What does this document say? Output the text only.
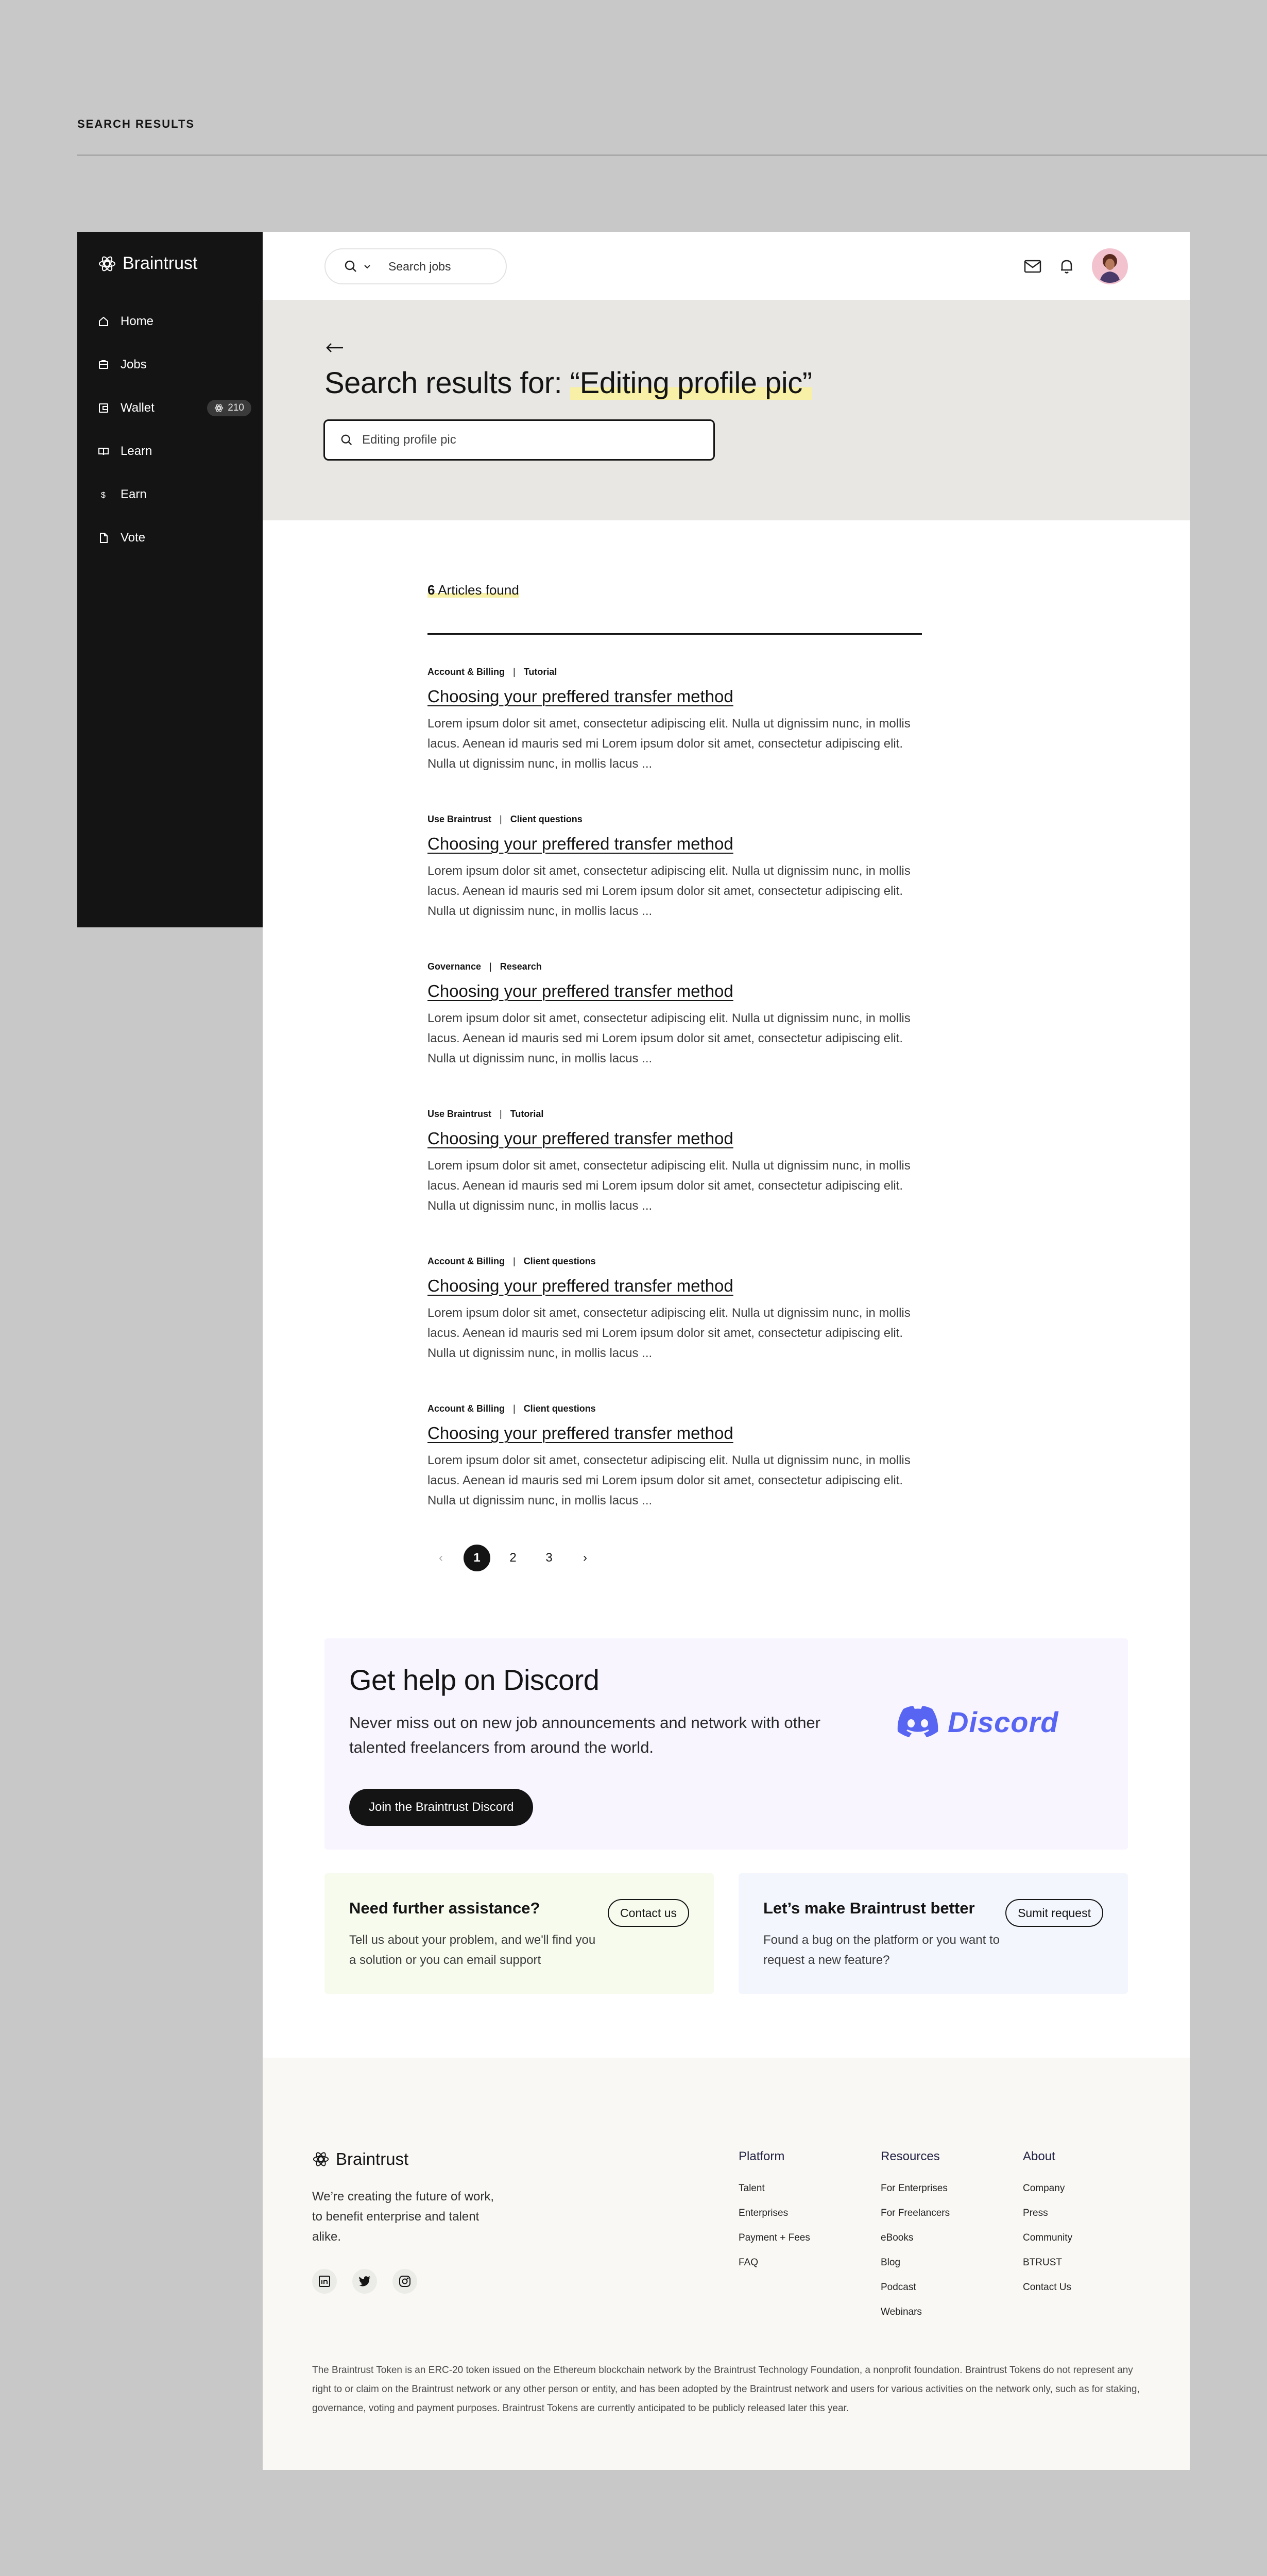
SEARCH RESULTS
Braintrust
Home
Jobs
Wallet	210
Learn
$ Earn
Vote
Search jobs
Search results for: “Editing profile pic”
Editing profile pic
6 Articles found
Account & Billing | Tutorial
Choosing your preffered transfer method

Lorem ipsum dolor sit amet, consectetur adipiscing elit. Nulla ut dignissim nunc, in mollis lacus. Aenean id mauris sed mi Lorem ipsum dolor sit amet, consectetur adipiscing elit. Nulla ut dignissim nunc, in mollis lacus ...

Use Braintrust | Client questions
Choosing your preffered transfer method

Lorem ipsum dolor sit amet, consectetur adipiscing elit. Nulla ut dignissim nunc, in mollis lacus. Aenean id mauris sed mi Lorem ipsum dolor sit amet, consectetur adipiscing elit. Nulla ut dignissim nunc, in mollis lacus ...

Governance | Research
Choosing your preffered transfer method

Lorem ipsum dolor sit amet, consectetur adipiscing elit. Nulla ut dignissim nunc, in mollis lacus. Aenean id mauris sed mi Lorem ipsum dolor sit amet, consectetur adipiscing elit. Nulla ut dignissim nunc, in mollis lacus ...

Use Braintrust | Tutorial
Choosing your preffered transfer method

Lorem ipsum dolor sit amet, consectetur adipiscing elit. Nulla ut dignissim nunc, in mollis lacus. Aenean id mauris sed mi Lorem ipsum dolor sit amet, consectetur adipiscing elit. Nulla ut dignissim nunc, in mollis lacus ...

Account & Billing | Client questions
Choosing your preffered transfer method

Lorem ipsum dolor sit amet, consectetur adipiscing elit. Nulla ut dignissim nunc, in mollis lacus. Aenean id mauris sed mi Lorem ipsum dolor sit amet, consectetur adipiscing elit. Nulla ut dignissim nunc, in mollis lacus ...

Account & Billing | Client questions
Choosing your preffered transfer method

Lorem ipsum dolor sit amet, consectetur adipiscing elit. Nulla ut dignissim nunc, in mollis lacus. Aenean id mauris sed mi Lorem ipsum dolor sit amet, consectetur adipiscing elit. Nulla ut dignissim nunc, in mollis lacus ...

‹	1	2	3	›
Get help on Discord

Never miss out on new job announcements and network with other talented freelancers from around the world.

Join the Braintrust Discord
Discord
Need further assistance?

Tell us about your problem, and we'll find you a solution or you can email support

Contact us	Let’s make Braintrust better

Found a bug on the platform or you want to request a new feature?

Sumit request
Braintrust

We’re creating the future of work, to benefit enterprise and talent alike.

Platform
Talent
Enterprises
Payment + Fees
FAQ
Resources
For Enterprises
For Freelancers
eBooks
Blog
Podcast
Webinars
About
Company
Press
Community
BTRUST
Contact Us

The Braintrust Token is an ERC-20 token issued on the Ethereum blockchain network by the Braintrust Technology Foundation, a nonprofit foundation. Braintrust Tokens do not represent any right to or claim on the Braintrust network or any other person or entity, and has been adopted by the Braintrust network and users for various activities on the network only, such as for staking, governance, voting and payment purposes. Braintrust Tokens are currently anticipated to be publicly released later this year.
